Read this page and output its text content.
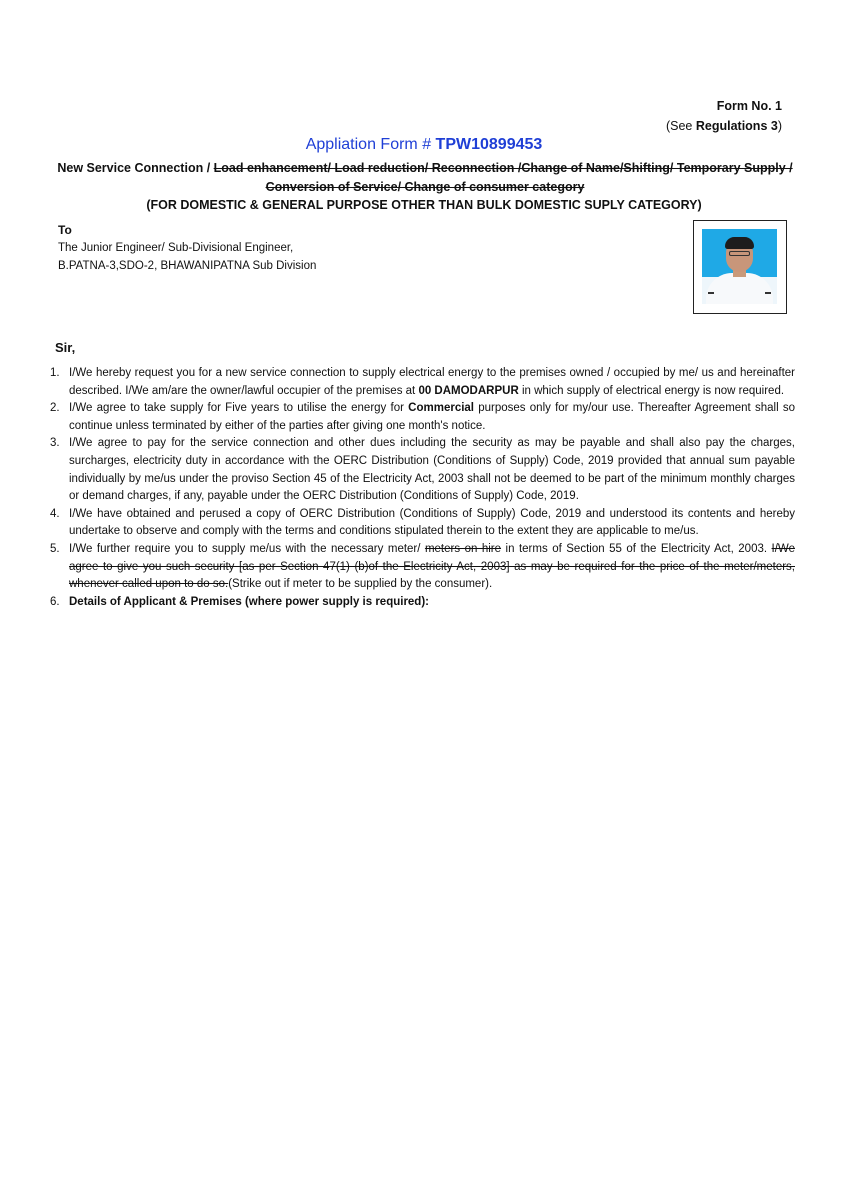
Form No. 1
(See Regulations 3)
Appliation Form # TPW10899453
New Service Connection / Load enhancement/ Load reduction/ Reconnection /Change of Name/Shifting/ Temporary Supply / Conversion of Service/ Change of consumer category
(FOR DOMESTIC & GENERAL PURPOSE OTHER THAN BULK DOMESTIC SUPLY CATEGORY)
To
The Junior Engineer/ Sub-Divisional Engineer,
B.PATNA-3,SDO-2, BHAWANIPATNA Sub Division
Sir,
1. I/We hereby request you for a new service connection to supply electrical energy to the premises owned / occupied by me/ us and hereinafter described. I/We am/are the owner/lawful occupier of the premises at 00 DAMODARPUR in which supply of electrical energy is now required.
2. I/We agree to take supply for Five years to utilise the energy for Commercial purposes only for my/our use. Thereafter Agreement shall so continue unless terminated by either of the parties after giving one month's notice.
3. I/We agree to pay for the service connection and other dues including the security as may be payable and shall also pay the charges, surcharges, electricity duty in accordance with the OERC Distribution (Conditions of Supply) Code, 2019 provided that annual sum payable individually by me/us under the proviso Section 45 of the Electricity Act, 2003 shall not be deemed to be part of the minimum monthly charges or demand charges, if any, payable under the OERC Distribution (Conditions of Supply) Code, 2019.
4. I/We have obtained and perused a copy of OERC Distribution (Conditions of Supply) Code, 2019 and understood its contents and hereby undertake to observe and comply with the terms and conditions stipulated therein to the extent they are applicable to me/us.
5. I/We further require you to supply me/us with the necessary meter/ meters on hire in terms of Section 55 of the Electricity Act, 2003. I/We agree to give you such security [as per Section 47(1) (b)of the Electricity Act, 2003] as may be required for the price of the meter/meters, whenever called upon to do so.(Strike out if meter to be supplied by the consumer).
6. Details of Applicant & Premises (where power supply is required):
